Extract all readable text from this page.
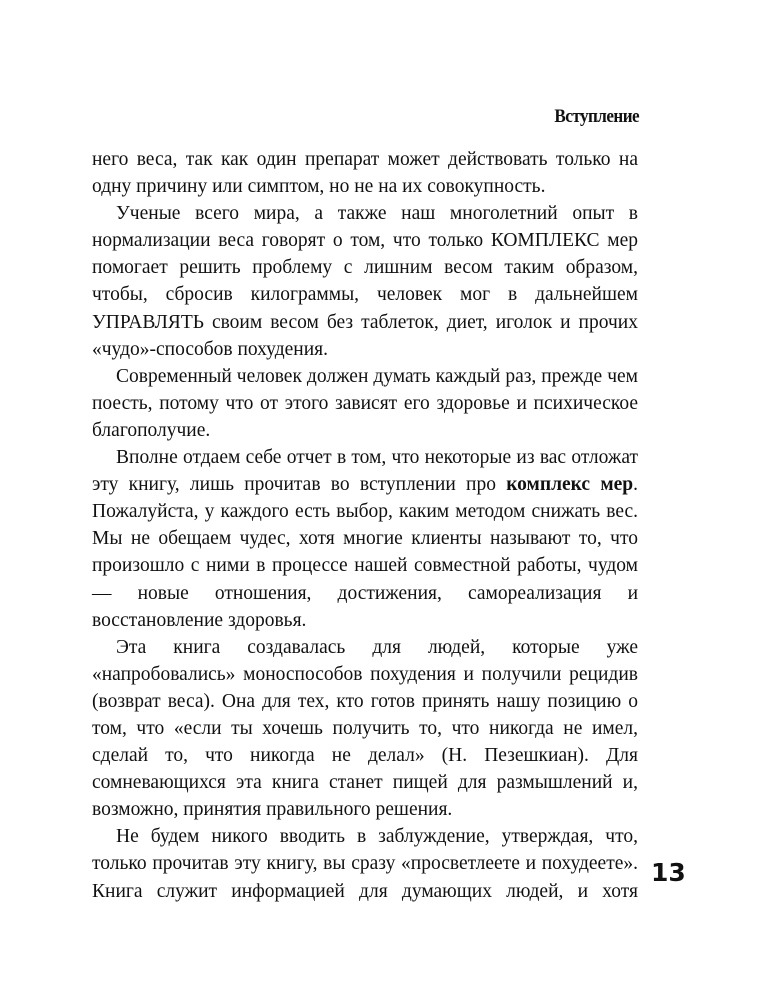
Вступление

него веса, так как один препарат может действовать только на одну причину или симптом, но не на их совокупность.

Ученые всего мира, а также наш многолетний опыт в нормализации веса говорят о том, что только КОМПЛЕКС мер помогает решить проблему с лишним весом таким образом, чтобы, сбросив килограммы, человек мог в дальнейшем УПРАВЛЯТЬ своим весом без таблеток, диет, иголок и прочих «чудо»-способов похудения.

Современный человек должен думать каждый раз, прежде чем поесть, потому что от этого зависят его здоровье и психическое благополучие.

Вполне отдаем себе отчет в том, что некоторые из вас отложат эту книгу, лишь прочитав во вступлении про комплекс мер. Пожалуйста, у каждого есть выбор, каким методом снижать вес. Мы не обещаем чудес, хотя многие клиенты называют то, что произошло с ними в процессе нашей совместной работы, чудом — новые отношения, достижения, самореализация и восстановление здоровья.

Эта книга создавалась для людей, которые уже «напробовались» моноспособов похудения и получили рецидив (возврат веса). Она для тех, кто готов принять нашу позицию о том, что «если ты хочешь получить то, что никогда не имел, сделай то, что никогда не делал» (Н. Пезешкиан). Для сомневающихся эта книга станет пищей для размышлений и, возможно, принятия правильного решения.

Не будем никого вводить в заблуждение, утверждая, что, только прочитав эту книгу, вы сразу «просветлеете и похудеете». Книга служит информацией для думающих людей, и хотя

13
